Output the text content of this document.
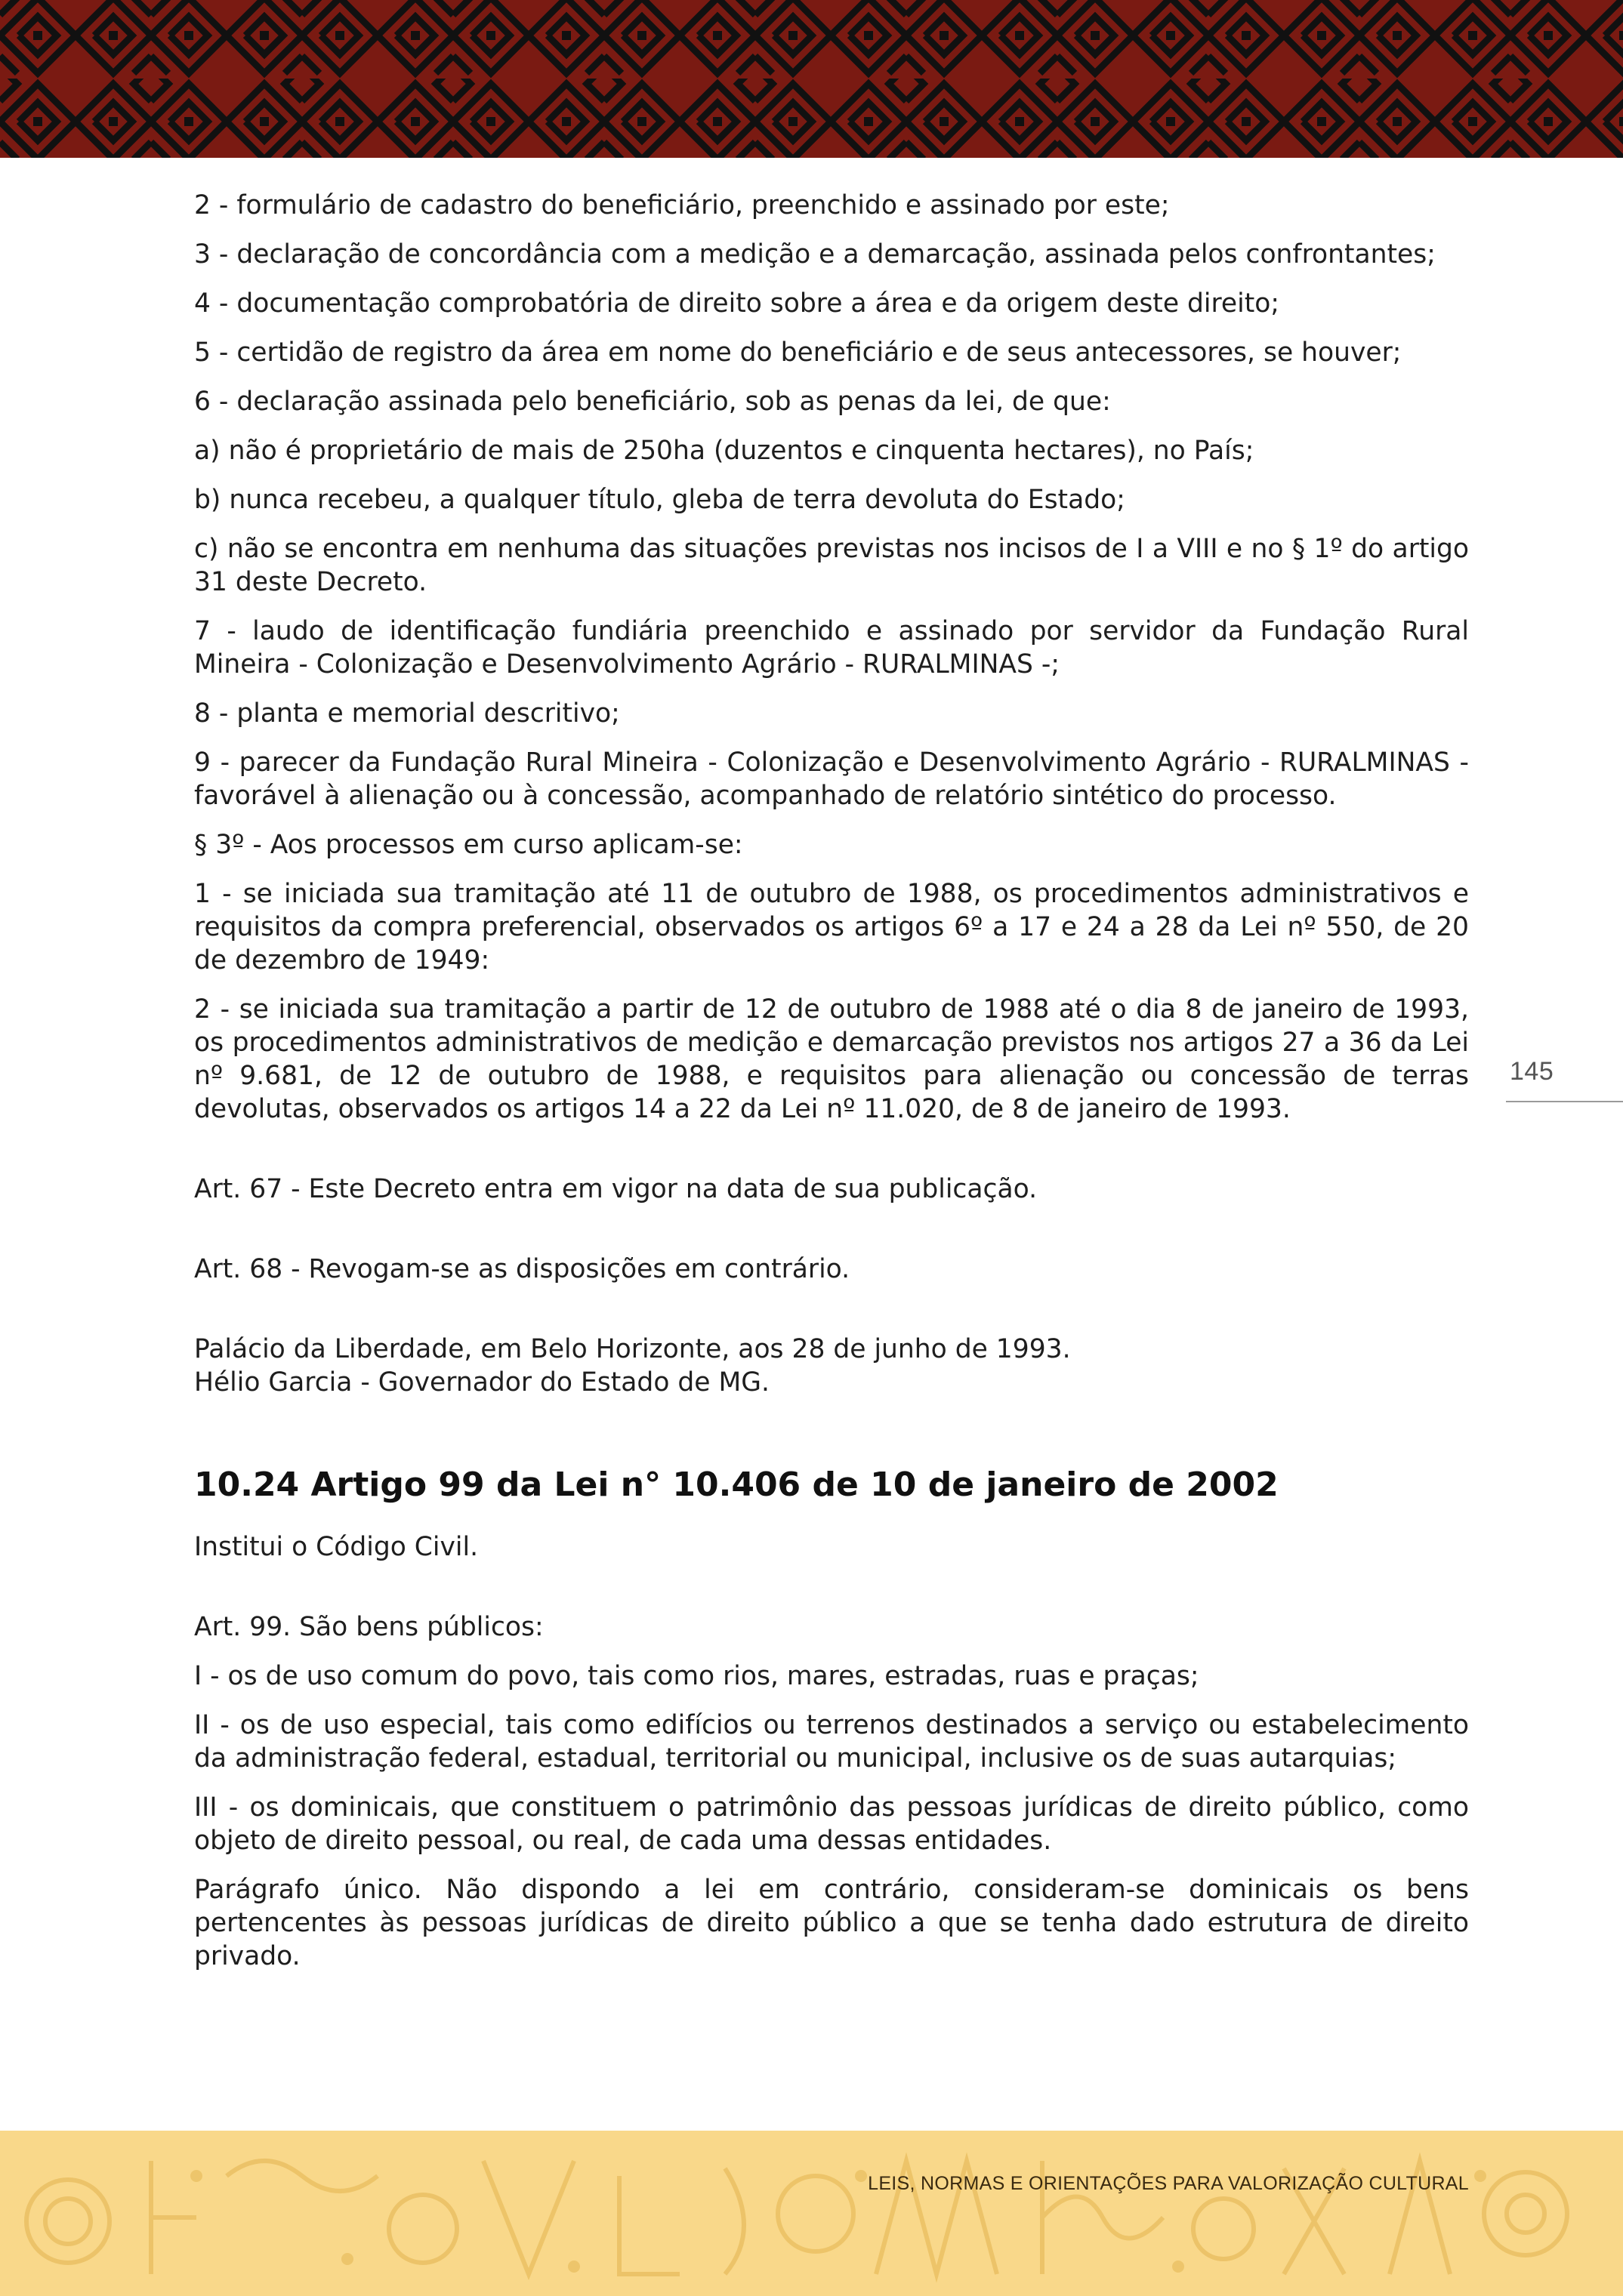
145

2 - formulário de cadastro do beneficiário, preenchido e assinado por este;

3 - declaração de concordância com a medição e a demarcação, assinada pelos confrontantes;

4 - documentação comprobatória de direito sobre a área e da origem deste direito;

5 - certidão de registro da área em nome do beneficiário e de seus antecessores, se houver;

6 - declaração assinada pelo beneficiário, sob as penas da lei, de que:

a) não é proprietário de mais de 250ha (duzentos e cinquenta hectares), no País;

b) nunca recebeu, a qualquer título, gleba de terra devoluta do Estado;

c) não se encontra em nenhuma das situações previstas nos incisos de I a VIII e no § 1º do artigo 31 deste Decreto.

7 - laudo de identificação fundiária preenchido e assinado por servidor da Fundação Rural Mineira - Colonização e Desenvolvimento Agrário - RURALMINAS -;

8 - planta e memorial descritivo;

9 - parecer da Fundação Rural Mineira - Colonização e Desenvolvimento Agrário - RURALMINAS - favorável à alienação ou à concessão, acompanhado de relatório sintético do processo.

§ 3º - Aos processos em curso aplicam-se:

1 - se iniciada sua tramitação até 11 de outubro de 1988, os procedimentos administrativos e requisitos da compra preferencial, observados os artigos 6º a 17 e 24 a 28 da Lei nº 550, de 20 de dezembro de 1949:

2 - se iniciada sua tramitação a partir de 12 de outubro de 1988 até o dia 8 de janeiro de 1993, os procedimentos administrativos de medição e demarcação previstos nos artigos 27 a 36 da Lei nº 9.681, de 12 de outubro de 1988, e requisitos para alienação ou concessão de terras devolutas, observados os artigos 14 a 22 da Lei nº 11.020, de 8 de janeiro de 1993.

Art. 67 - Este Decreto entra em vigor na data de sua publicação.

Art. 68 - Revogam-se as disposições em contrário.

Palácio da Liberdade, em Belo Horizonte, aos 28 de junho de 1993.

Hélio Garcia - Governador do Estado de MG.

10.24 Artigo 99 da Lei n° 10.406 de 10 de janeiro de 2002

Institui o Código Civil.

Art. 99. São bens públicos:

I - os de uso comum do povo, tais como rios, mares, estradas, ruas e praças;

II - os de uso especial, tais como edifícios ou terrenos destinados a serviço ou estabelecimento da administração federal, estadual, territorial ou municipal, inclusive os de suas autarquias;

III - os dominicais, que constituem o patrimônio das pessoas jurídicas de direito público, como objeto de direito pessoal, ou real, de cada uma dessas entidades.

Parágrafo único. Não dispondo a lei em contrário, consideram-se dominicais os bens pertencentes às pessoas jurídicas de direito público a que se tenha dado estrutura de direito privado.

LEIS, NORMAS E ORIENTAÇÕES PARA VALORIZAÇÃO CULTURAL
